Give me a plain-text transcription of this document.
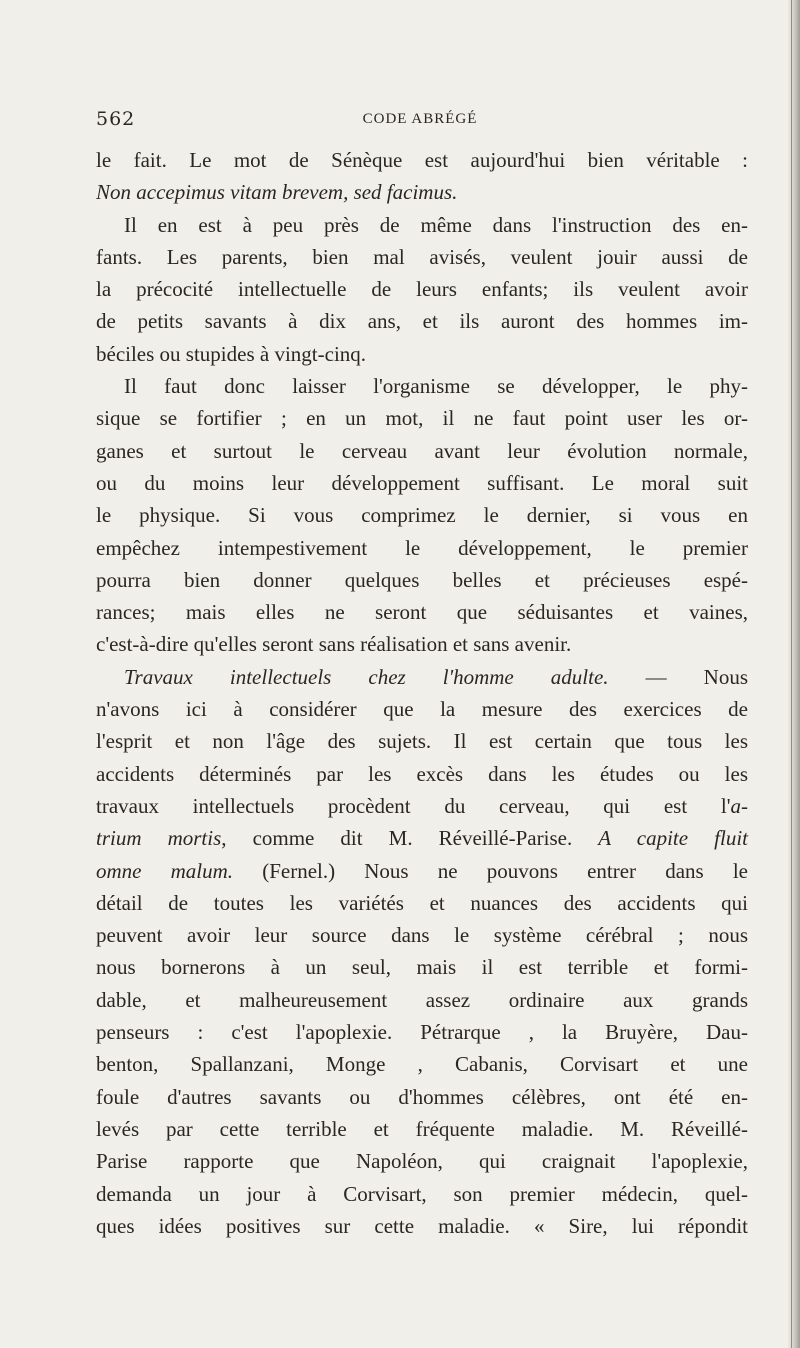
562	CODE ABRÉGÉ
le fait. Le mot de Sénèque est aujourd'hui bien véritable :
Non accepimus vitam brevem, sed facimus.
Il en est à peu près de même dans l'instruction des en-
fants. Les parents, bien mal avisés, veulent jouir aussi de
la précocité intellectuelle de leurs enfants; ils veulent avoir
de petits savants à dix ans, et ils auront des hommes im-
béciles ou stupides à vingt-cinq.
Il faut donc laisser l'organisme se développer, le phy-
sique se fortifier ; en un mot, il ne faut point user les or-
ganes et surtout le cerveau avant leur évolution normale,
ou du moins leur développement suffisant. Le moral suit
le physique. Si vous comprimez le dernier, si vous en
empêchez intempestivement le développement, le premier
pourra bien donner quelques belles et précieuses espé-
rances; mais elles ne seront que séduisantes et vaines,
c'est-à-dire qu'elles seront sans réalisation et sans avenir.
Travaux intellectuels chez l'homme adulte. — Nous
n'avons ici à considérer que la mesure des exercices de
l'esprit et non l'âge des sujets. Il est certain que tous les
accidents déterminés par les excès dans les études ou les
travaux intellectuels procèdent du cerveau, qui est l'a-
trium mortis, comme dit M. Réveillé-Parise. A capite fluit
omne malum. (Fernel.) Nous ne pouvons entrer dans le
détail de toutes les variétés et nuances des accidents qui
peuvent avoir leur source dans le système cérébral ; nous
nous bornerons à un seul, mais il est terrible et formi-
dable, et malheureusement assez ordinaire aux grands
penseurs : c'est l'apoplexie. Pétrarque , la Bruyère, Dau-
benton, Spallanzani, Monge , Cabanis, Corvisart et une
foule d'autres savants ou d'hommes célèbres, ont été en-
levés par cette terrible et fréquente maladie. M. Réveillé-
Parise rapporte que Napoléon, qui craignait l'apoplexie,
demanda un jour à Corvisart, son premier médecin, quel-
ques idées positives sur cette maladie. « Sire, lui répondit
